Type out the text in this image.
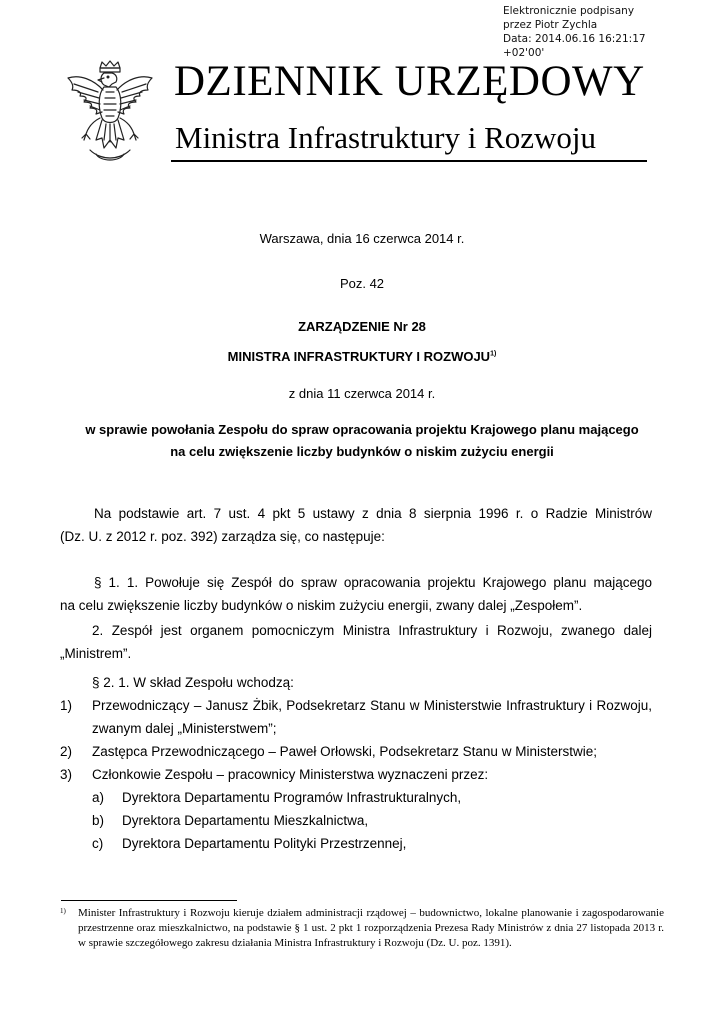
Elektronicznie podpisany
przez Piotr Zychla
Data: 2014.06.16 16:21:17
+02'00'
DZIENNIK URZĘDOWY
Ministra Infrastruktury i Rozwoju
Warszawa, dnia 16 czerwca 2014 r.
Poz. 42
ZARZĄDZENIE Nr 28
MINISTRA INFRASTRUKTURY I ROZWOJU$^{1)}$
z dnia 11 czerwca 2014 r.
w sprawie powołania Zespołu do spraw opracowania projektu Krajowego planu mającego
na celu zwiększenie liczby budynków o niskim zużyciu energii
Na podstawie art. 7 ust. 4 pkt 5 ustawy z dnia 8 sierpnia 1996 r. o Radzie Ministrów
(Dz. U. z 2012 r. poz. 392) zarządza się, co następuje:
§ 1. 1. Powołuje się Zespół do spraw opracowania projektu Krajowego planu mającego
na celu zwiększenie liczby budynków o niskim zużyciu energii, zwany dalej „Zespołem”.
2. Zespół jest organem pomocniczym Ministra Infrastruktury i Rozwoju, zwanego dalej
„Ministrem”.
§ 2. 1. W skład Zespołu wchodzą:
1) Przewodniczący – Janusz Żbik, Podsekretarz Stanu w Ministerstwie Infrastruktury i Rozwoju,
zwanym dalej „Ministerstwem”;
2) Zastępca Przewodniczącego – Paweł Orłowski, Podsekretarz Stanu w Ministerstwie;
3) Członkowie Zespołu – pracownicy Ministerstwa wyznaczeni przez:
a) Dyrektora Departamentu Programów Infrastrukturalnych,
b) Dyrektora Departamentu Mieszkalnictwa,
c) Dyrektora Departamentu Polityki Przestrzennej,
1) Minister Infrastruktury i Rozwoju kieruje działem administracji rządowej – budownictwo, lokalne planowanie i zagospodarowanie przestrzenne oraz mieszkalnictwo, na podstawie § 1 ust. 2 pkt 1 rozporządzenia Prezesa Rady Ministrów z dnia 27 listopada 2013 r. w sprawie szczegółowego zakresu działania Ministra Infrastruktury i Rozwoju (Dz. U. poz. 1391).
